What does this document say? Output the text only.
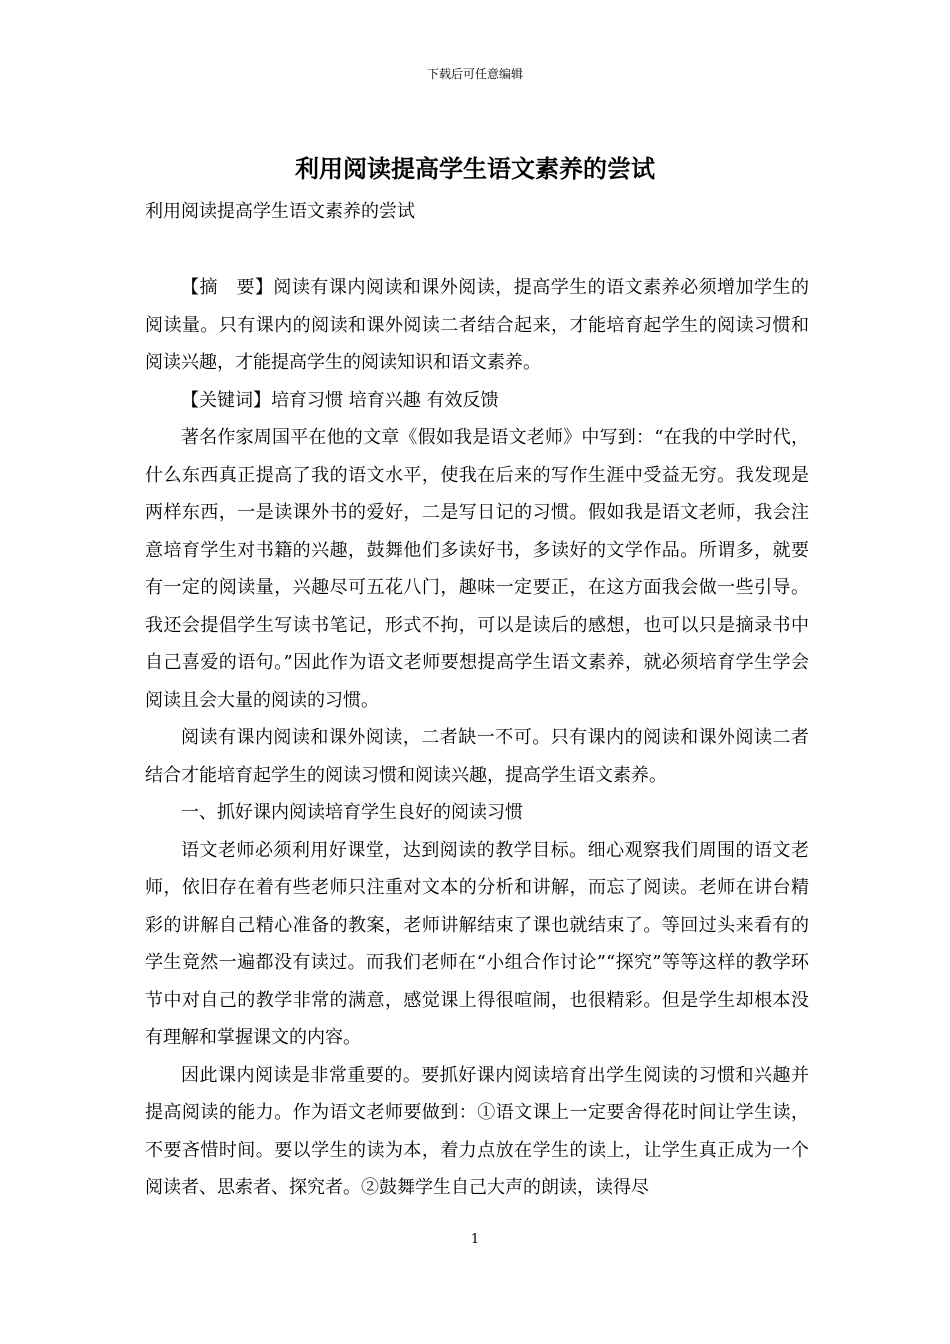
下载后可任意编辑
利用阅读提高学生语文素养的尝试
利用阅读提高学生语文素养的尝试

【摘　要】阅读有课内阅读和课外阅读，提高学生的语文素养必须增加学生的阅读量。只有课内的阅读和课外阅读二者结合起来，才能培育起学生的阅读习惯和阅读兴趣，才能提高学生的阅读知识和语文素养。

【关键词】培育习惯 培育兴趣 有效反馈

著名作家周国平在他的文章《假如我是语文老师》中写到：“在我的中学时代，什么东西真正提高了我的语文水平，使我在后来的写作生涯中受益无穷。我发现是两样东西，一是读课外书的爱好，二是写日记的习惯。假如我是语文老师，我会注意培育学生对书籍的兴趣，鼓舞他们多读好书，多读好的文学作品。所谓多，就要有一定的阅读量，兴趣尽可五花八门，趣味一定要正，在这方面我会做一些引导。我还会提倡学生写读书笔记，形式不拘，可以是读后的感想，也可以只是摘录书中自己喜爱的语句。”因此作为语文老师要想提高学生语文素养，就必须培育学生学会阅读且会大量的阅读的习惯。

阅读有课内阅读和课外阅读，二者缺一不可。只有课内的阅读和课外阅读二者结合才能培育起学生的阅读习惯和阅读兴趣，提高学生语文素养。

一、抓好课内阅读培育学生良好的阅读习惯

语文老师必须利用好课堂，达到阅读的教学目标。细心观察我们周围的语文老师，依旧存在着有些老师只注重对文本的分析和讲解，而忘了阅读。老师在讲台精彩的讲解自己精心准备的教案，老师讲解结束了课也就结束了。等回过头来看有的学生竟然一遍都没有读过。而我们老师在“小组合作讨论”“探究”等等这样的教学环节中对自己的教学非常的满意，感觉课上得很喧闹，也很精彩。但是学生却根本没有理解和掌握课文的内容。

因此课内阅读是非常重要的。要抓好课内阅读培育出学生阅读的习惯和兴趣并提高阅读的能力。作为语文老师要做到：①语文课上一定要舍得花时间让学生读，不要吝惜时间。要以学生的读为本，着力点放在学生的读上，让学生真正成为一个阅读者、思索者、探究者。②鼓舞学生自己大声的朗读，读得尽

1
